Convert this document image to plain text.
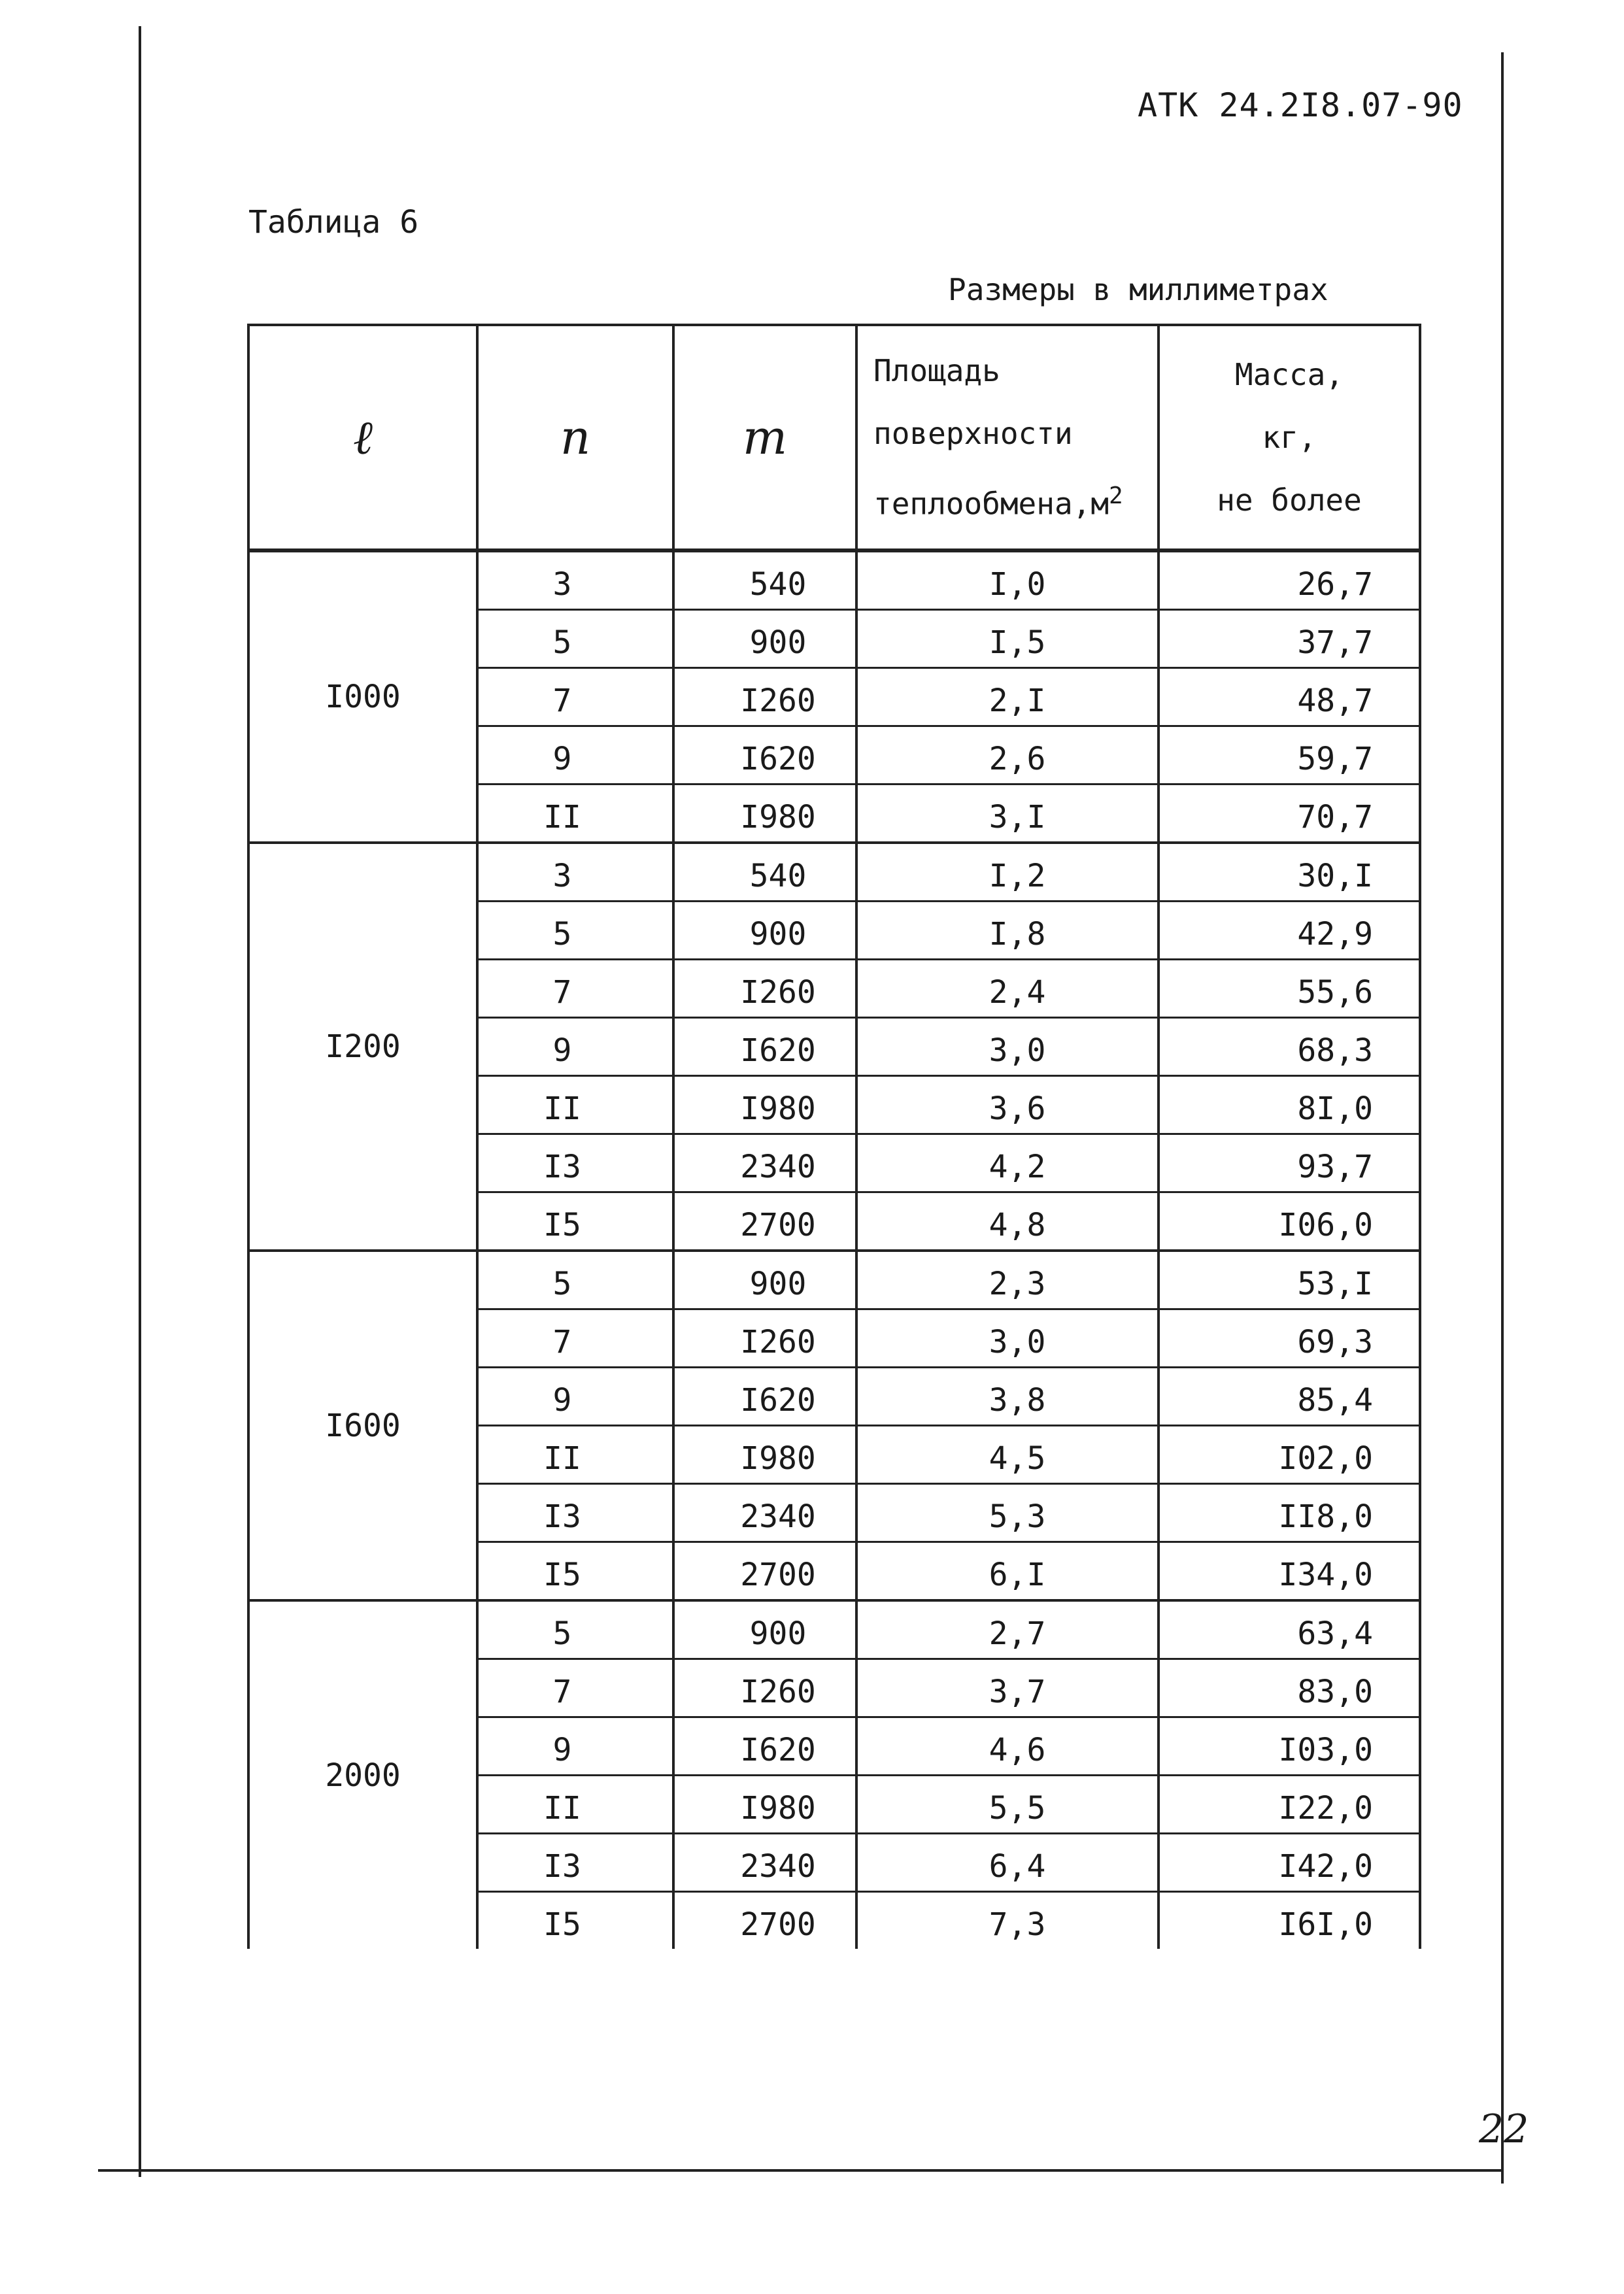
АТК 24.2I8.07-90
Таблица 6
Размеры в миллиметрах
ℓ	n	m	Площадь
поверхности
$теплообмена,м^2$	Масса,
кг,
не более
I000	3	540	I,0	26,7
	5	900	I,5	37,7
	7	I260	2,I	48,7
	9	I620	2,6	59,7
	II	I980	3,I	70,7
I200	3	540	I,2	30,I
	5	900	I,8	42,9
	7	I260	2,4	55,6
	9	I620	3,0	68,3
	II	I980	3,6	8I,0
	I3	2340	4,2	93,7
	I5	2700	4,8	I06,0
I600	5	900	2,3	53,I
	7	I260	3,0	69,3
	9	I620	3,8	85,4
	II	I980	4,5	I02,0
	I3	2340	5,3	II8,0
	I5	2700	6,I	I34,0
2000	5	900	2,7	63,4
	7	I260	3,7	83,0
	9	I620	4,6	I03,0
	II	I980	5,5	I22,0
	I3	2340	6,4	I42,0
	I5	2700	7,3	I6I,0
22
